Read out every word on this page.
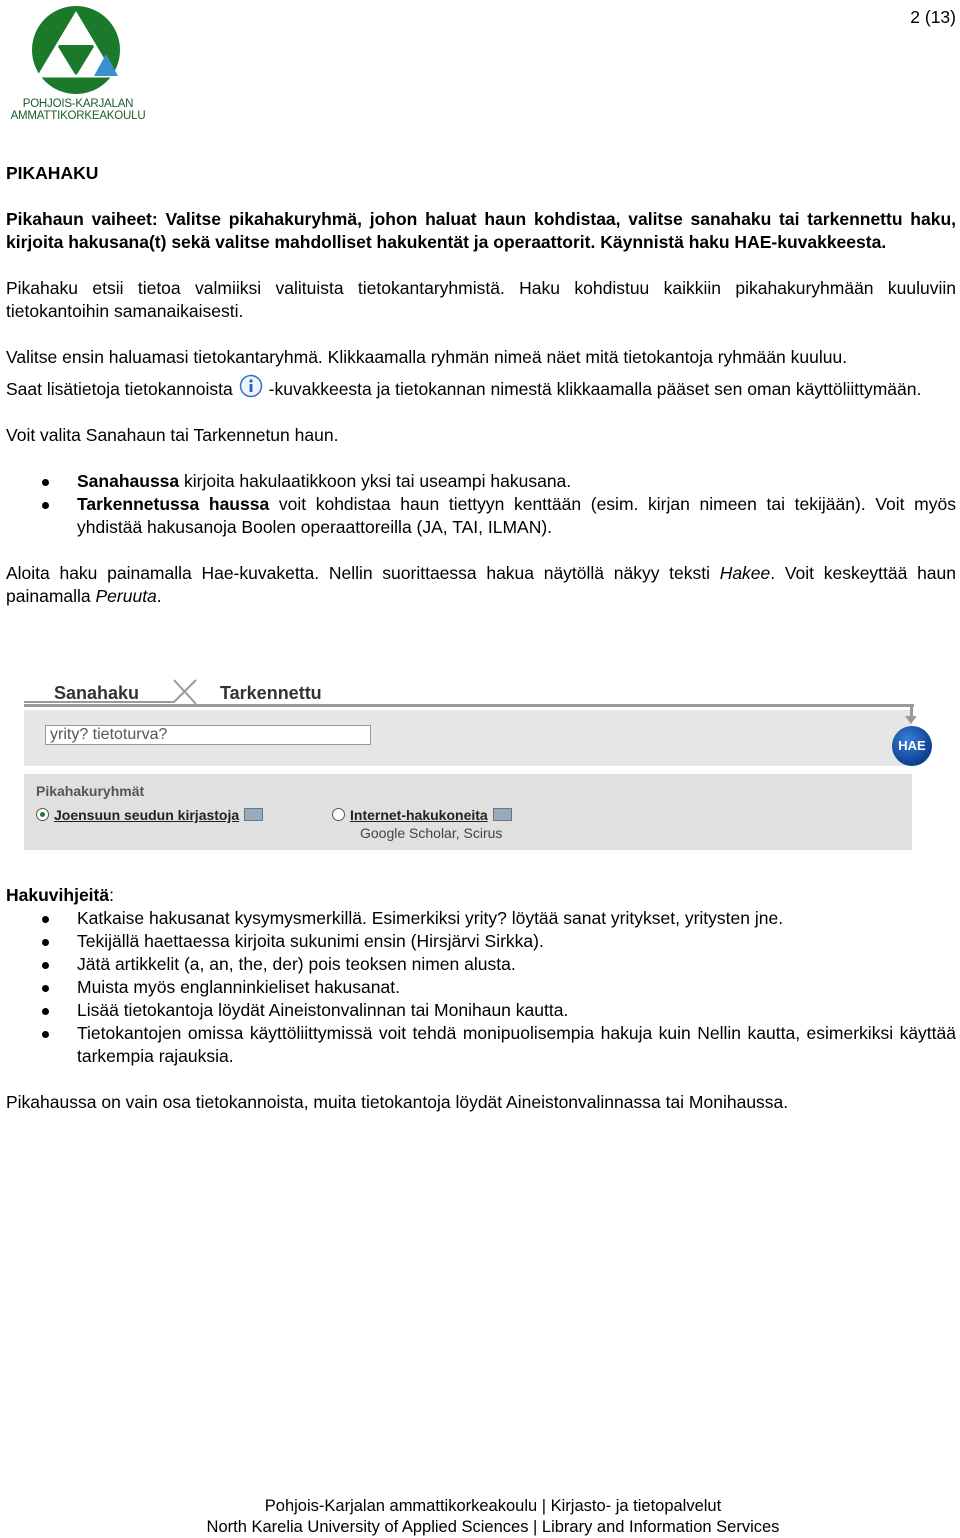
POHJOIS-KARJALAN
AMMATTIKORKEAKOULU
2 (13)

PIKAHAKU

Pikahaun vaiheet: Valitse pikahakuryhmä, johon haluat haun kohdistaa, valitse sanahaku tai tarkennettu haku, kirjoita hakusana(t) sekä valitse mahdolliset hakukentät ja operaattorit. Käynnistä haku HAE-kuvakkeesta.

Pikahaku etsii tietoa valmiiksi valituista tietokantaryhmistä. Haku kohdistuu kaikkiin pikahakuryhmään kuuluviin tietokantoihin samanaikaisesti.

Valitse ensin haluamasi tietokantaryhmä. Klikkaamalla ryhmän nimeä näet mitä tietokantoja ryhmään kuuluu.

Saat lisätietoja tietokannoista -kuvakkeesta ja tietokannan nimestä klikkaamalla pääset sen oman käyttöliittymään.

Voit valita Sanahaun tai Tarkennetun haun.

Sanahaussa kirjoita hakulaatikkoon yksi tai useampi hakusana.
Tarkennetussa haussa voit kohdistaa haun tiettyyn kenttään (esim. kirjan nimeen tai tekijään). Voit myös yhdistää hakusanoja Boolen operaattoreilla (JA, TAI, ILMAN).

Aloita haku painamalla Hae-kuvaketta. Nellin suorittaessa hakua näytöllä näkyy teksti Hakee. Voit keskeyttää haun painamalla Peruuta.

Sanahaku	Tarkennettu
yrity? tietoturva?
HAE
Pikahakuryhmät
Joensuun seudun kirjastoja	Internet-hakukoneita
Google Scholar, Scirus

Hakuvihjeitä:

Katkaise hakusanat kysymysmerkillä. Esimerkiksi yrity? löytää sanat yritykset, yritysten jne.
Tekijällä haettaessa kirjoita sukunimi ensin (Hirsjärvi Sirkka).
Jätä artikkelit (a, an, the, der) pois teoksen nimen alusta.
Muista myös englanninkieliset hakusanat.
Lisää tietokantoja löydät Aineistonvalinnan tai Monihaun kautta.
Tietokantojen omissa käyttöliittymissä voit tehdä monipuolisempia hakuja kuin Nellin kautta, esimerkiksi käyttää tarkempia rajauksia.

Pikahaussa on vain osa tietokannoista, muita tietokantoja löydät Aineistonvalinnassa tai Monihaussa.

Pohjois-Karjalan ammattikorkeakoulu | Kirjasto- ja tietopalvelut
North Karelia University of Applied Sciences | Library and Information Services
